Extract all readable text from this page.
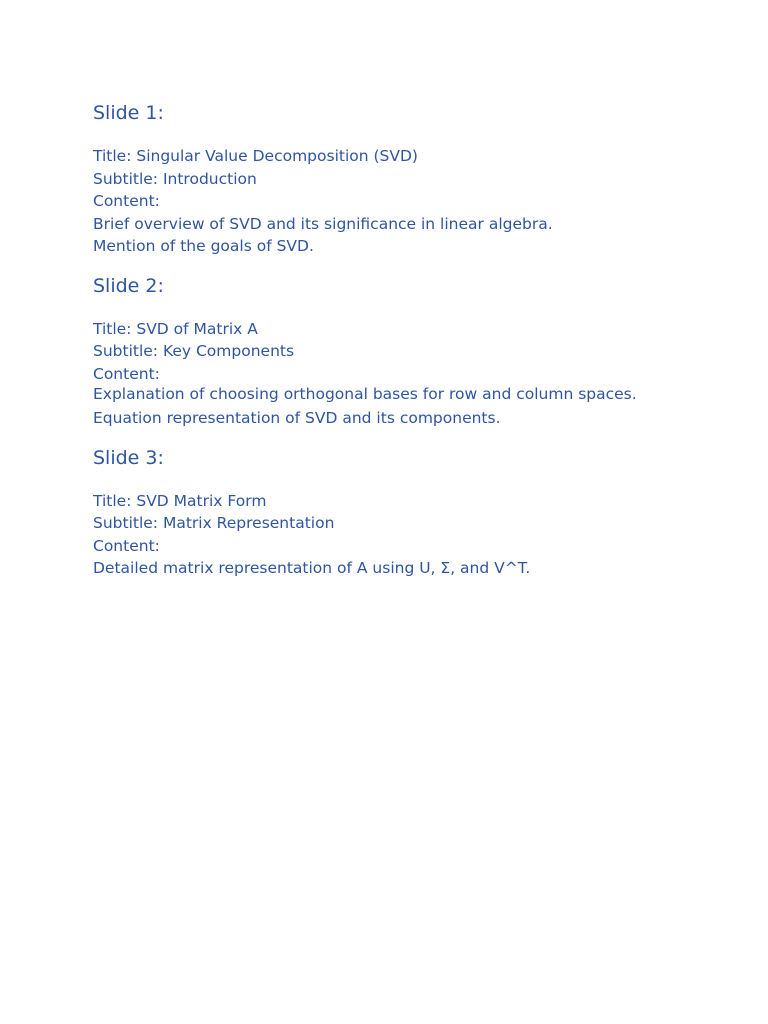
Slide 1:

Title: Singular Value Decomposition (SVD)

Subtitle: Introduction

Content:

Brief overview of SVD and its significance in linear algebra.

Mention of the goals of SVD.

Slide 2:

Title: SVD of Matrix A

Subtitle: Key Components

Content:

Explanation of choosing orthogonal bases for row and column spaces.

Equation representation of SVD and its components.

Slide 3:

Title: SVD Matrix Form

Subtitle: Matrix Representation

Content:

Detailed matrix representation of A using U, Σ, and V^T.
